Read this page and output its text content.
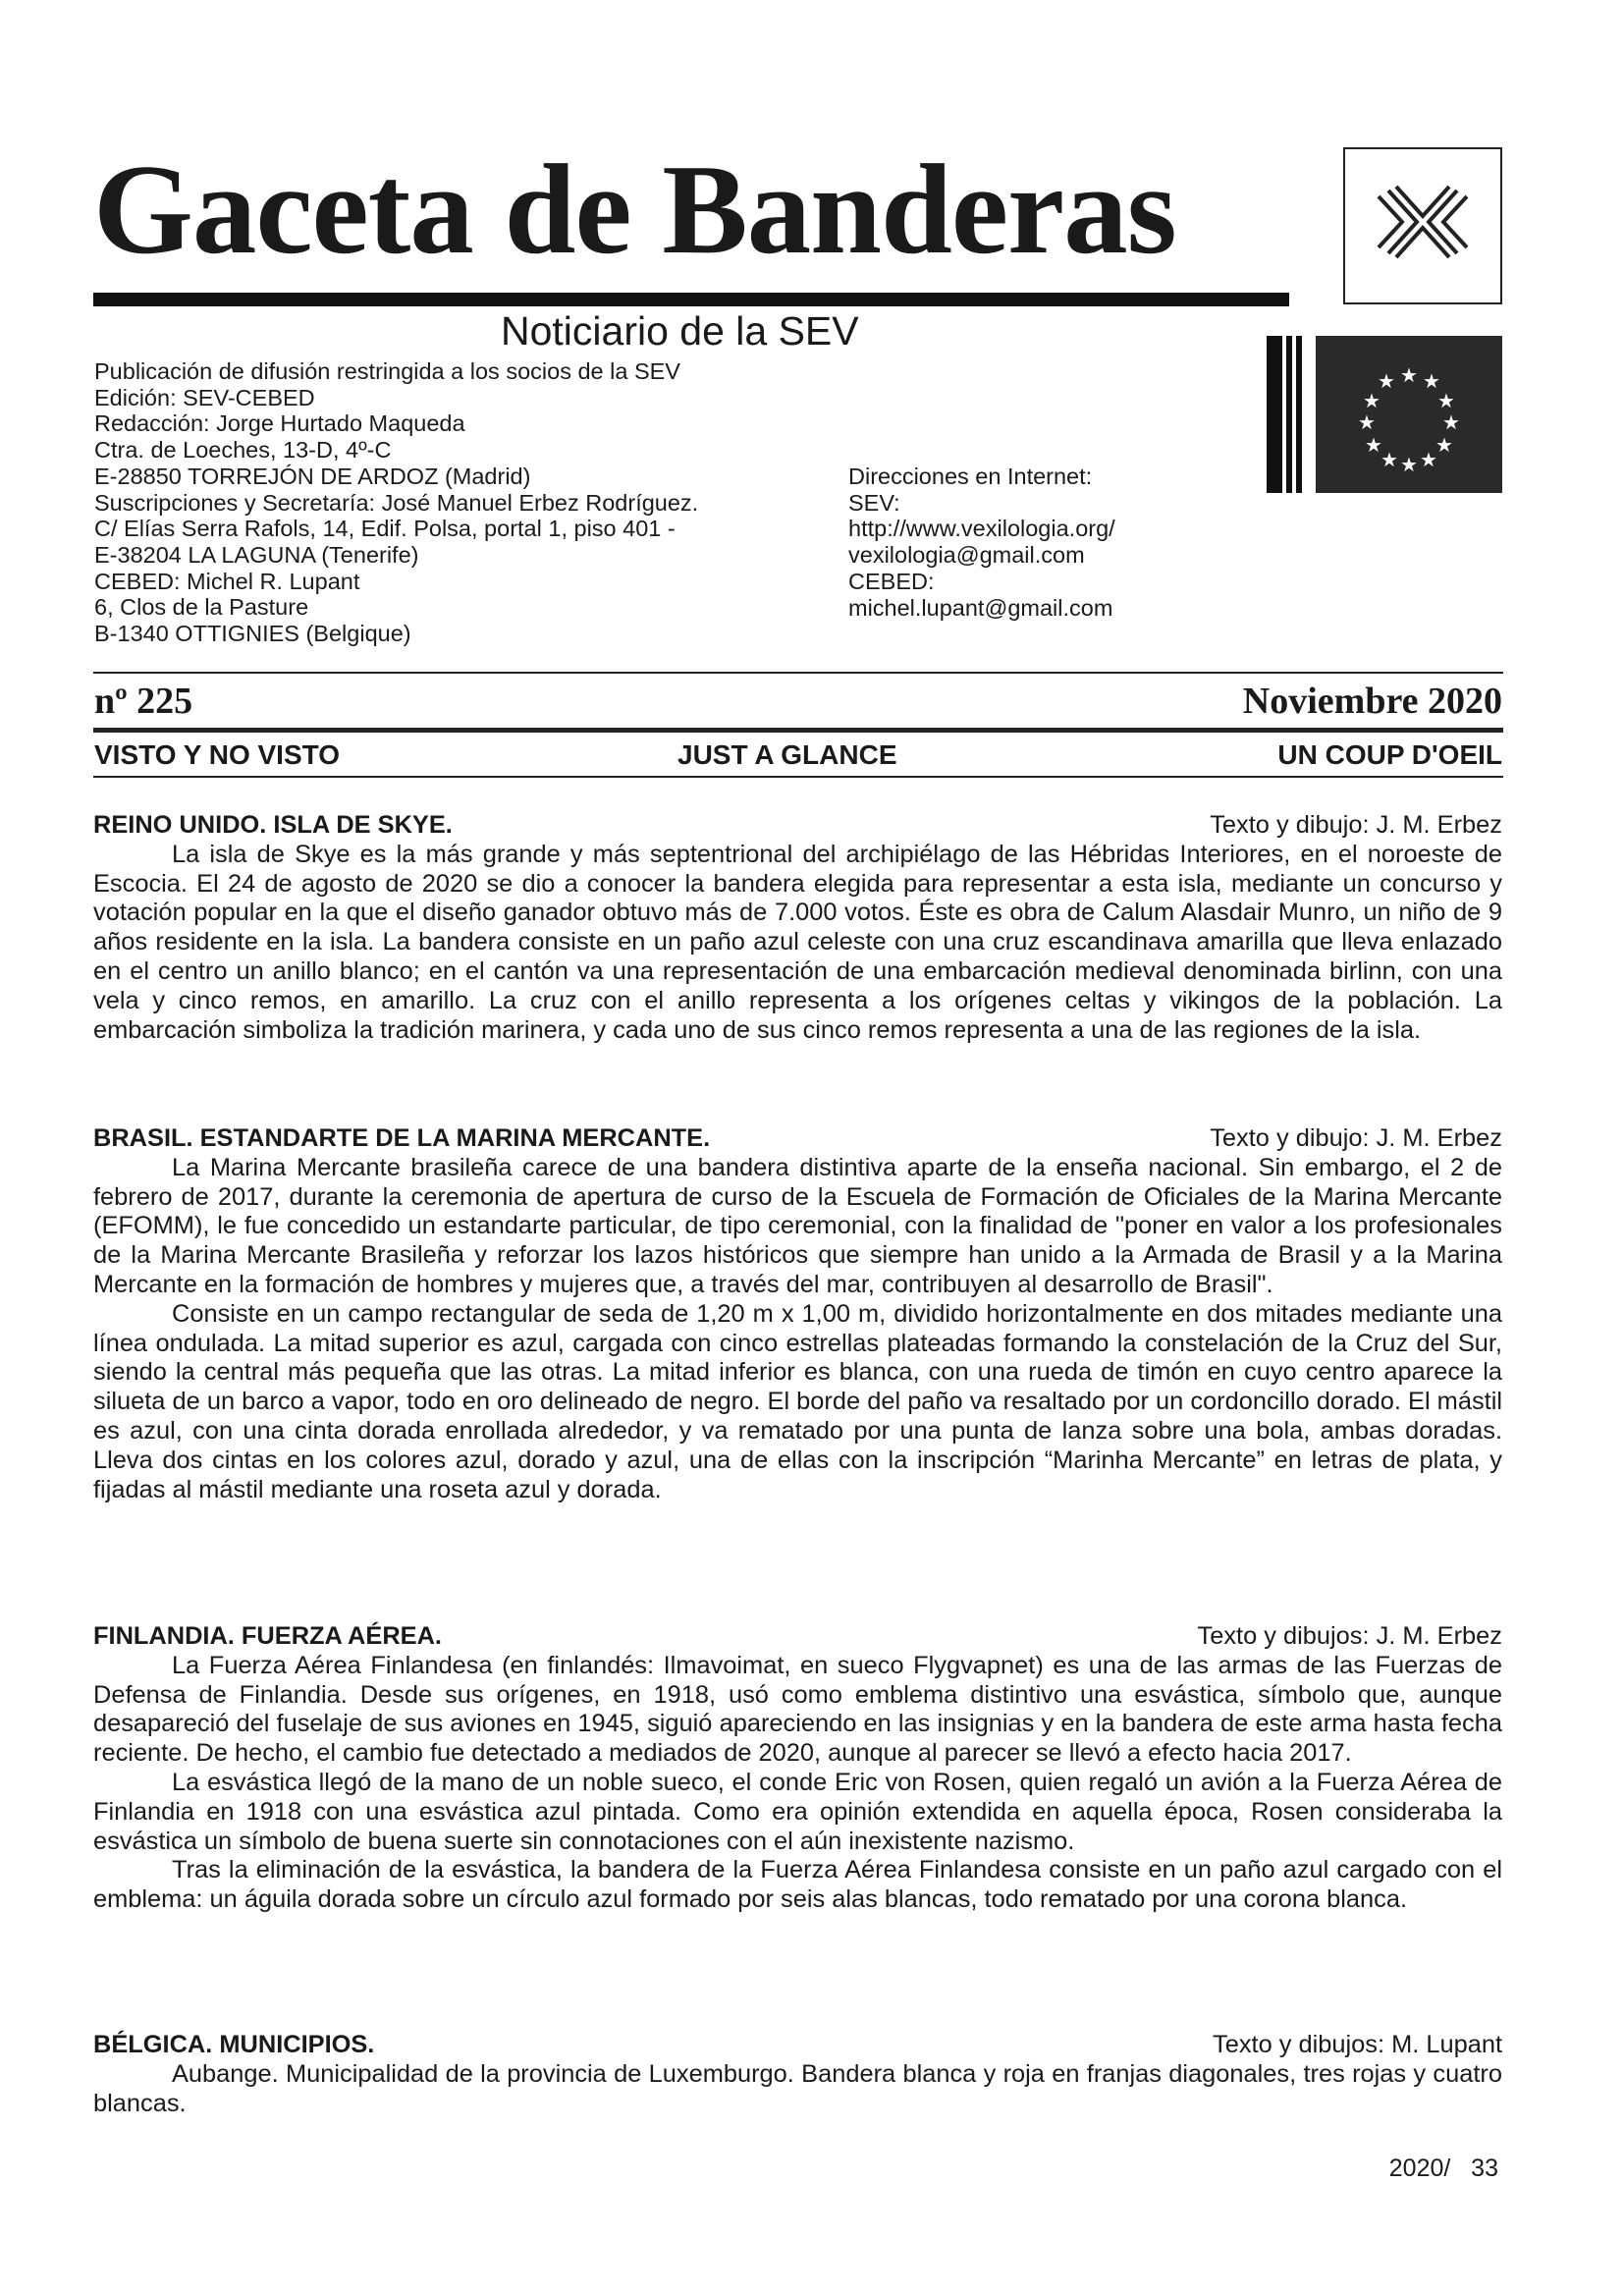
Gaceta de Banderas
Noticiario de la SEV
★ ★
★
★
★
★
★
★
★
★
★ ★
Publicación de difusión restringida a los socios de la SEV
Edición: SEV-CEBED
Redacción: Jorge Hurtado Maqueda
Ctra. de Loeches, 13-D, 4º-C
E-28850 TORREJÓN DE ARDOZ (Madrid)
Suscripciones y Secretaría: José Manuel Erbez Rodríguez.
C/ Elías Serra Rafols, 14, Edif. Polsa, portal 1, piso 401 -
E-38204 LA LAGUNA (Tenerife)
CEBED: Michel R. Lupant
6, Clos de la Pasture
B-1340 OTTIGNIES (Belgique)
Direcciones en Internet:
SEV:
http://www.vexilologia.org/
vexilologia@gmail.com
CEBED:
michel.lupant@gmail.com
nº 225	Noviembre 2020
VISTO Y NO VISTO	JUST A GLANCE	UN COUP D'OEIL
REINO UNIDO. ISLA DE SKYE.	Texto y dibujo: J. M. Erbez

La isla de Skye es la más grande y más septentrional del archipiélago de las Hébridas Interiores, en el noroeste de Escocia. El 24 de agosto de 2020 se dio a conocer la bandera elegida para representar a esta isla, mediante un concurso y votación popular en la que el diseño ganador obtuvo más de 7.000 votos. Éste es obra de Calum Alasdair Munro, un niño de 9 años residente en la isla. La bandera consiste en un paño azul celeste con una cruz escandinava amarilla que lleva enlazado en el centro un anillo blanco; en el cantón va una representación de una embarcación medieval denominada birlinn, con una vela y cinco remos, en amarillo. La cruz con el anillo representa a los orígenes celtas y vikingos de la población. La embarcación simboliza la tradición marinera, y cada uno de sus cinco remos representa a una de las regiones de la isla.

BRASIL. ESTANDARTE DE LA MARINA MERCANTE.	Texto y dibujo: J. M. Erbez

La Marina Mercante brasileña carece de una bandera distintiva aparte de la enseña nacional. Sin embargo, el 2 de febrero de 2017, durante la ceremonia de apertura de curso de la Escuela de Formación de Oficiales de la Marina Mercante (EFOMM), le fue concedido un estandarte particular, de tipo ceremonial, con la finalidad de "poner en valor a los profesionales de la Marina Mercante Brasileña y reforzar los lazos históricos que siempre han unido a la Armada de Brasil y a la Marina Mercante en la formación de hombres y mujeres que, a través del mar, contribuyen al desarrollo de Brasil".

Consiste en un campo rectangular de seda de 1,20 m x 1,00 m, dividido horizontalmente en dos mitades mediante una línea ondulada. La mitad superior es azul, cargada con cinco estrellas plateadas formando la constelación de la Cruz del Sur, siendo la central más pequeña que las otras. La mitad inferior es blanca, con una rueda de timón en cuyo centro aparece la silueta de un barco a vapor, todo en oro delineado de negro. El borde del paño va resaltado por un cordoncillo dorado. El mástil es azul, con una cinta dorada enrollada alrededor, y va rematado por una punta de lanza sobre una bola, ambas doradas. Lleva dos cintas en los colores azul, dorado y azul, una de ellas con la inscripción “Marinha Mercante” en letras de plata, y fijadas al mástil mediante una roseta azul y dorada.

FINLANDIA. FUERZA AÉREA.	Texto y dibujos: J. M. Erbez

La Fuerza Aérea Finlandesa (en finlandés: Ilmavoimat, en sueco Flygvapnet) es una de las armas de las Fuerzas de Defensa de Finlandia. Desde sus orígenes, en 1918, usó como emblema distintivo una esvástica, símbolo que, aunque desapareció del fuselaje de sus aviones en 1945, siguió apareciendo en las insignias y en la bandera de este arma hasta fecha reciente. De hecho, el cambio fue detectado a mediados de 2020, aunque al parecer se llevó a efecto hacia 2017.

La esvástica llegó de la mano de un noble sueco, el conde Eric von Rosen, quien regaló un avión a la Fuerza Aérea de Finlandia en 1918 con una esvástica azul pintada. Como era opinión extendida en aquella época, Rosen consideraba la esvástica un símbolo de buena suerte sin connotaciones con el aún inexistente nazismo.

Tras la eliminación de la esvástica, la bandera de la Fuerza Aérea Finlandesa consiste en un paño azul cargado con el emblema: un águila dorada sobre un círculo azul formado por seis alas blancas, todo rematado por una corona blanca.

BÉLGICA. MUNICIPIOS.	Texto y dibujos: M. Lupant

Aubange. Municipalidad de la provincia de Luxemburgo. Bandera blanca y roja en franjas diagonales, tres rojas y cuatro blancas.

2020/   33
